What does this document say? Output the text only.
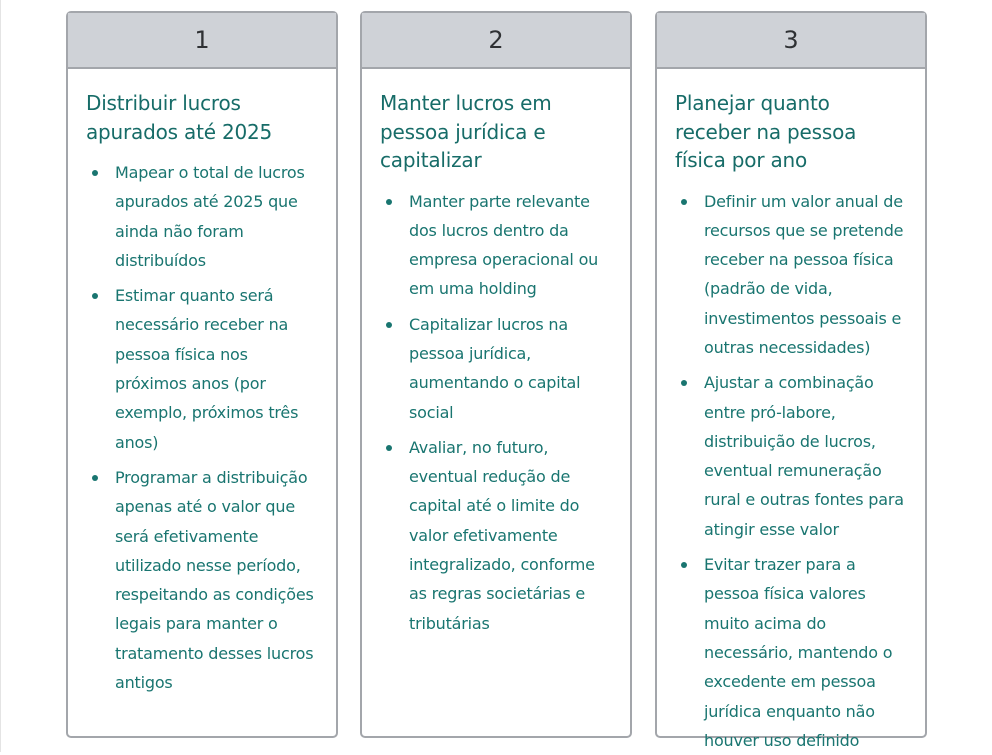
1
Distribuir lucros apurados até 2025
Mapear o total de lucros apurados até 2025 que ainda não foram distribuídos
Estimar quanto será necessário receber na pessoa física nos próximos anos (por exemplo, próximos três anos)
Programar a distribuição apenas até o valor que será efetivamente utilizado nesse período, respeitando as condições legais para manter o tratamento desses lucros antigos
2
Manter lucros em pessoa jurídica e capitalizar
Manter parte relevante dos lucros dentro da empresa operacional ou em uma holding
Capitalizar lucros na pessoa jurídica, aumentando o capital social
Avaliar, no futuro, eventual redução de capital até o limite do valor efetivamente integralizado, conforme as regras societárias e tributárias
3
Planejar quanto receber na pessoa física por ano
Definir um valor anual de recursos que se pretende receber na pessoa física (padrão de vida, investimentos pessoais e outras necessidades)
Ajustar a combinação entre pró-labore, distribuição de lucros, eventual remuneração rural e outras fontes para atingir esse valor
Evitar trazer para a pessoa física valores muito acima do necessário, mantendo o excedente em pessoa jurídica enquanto não houver uso definido
